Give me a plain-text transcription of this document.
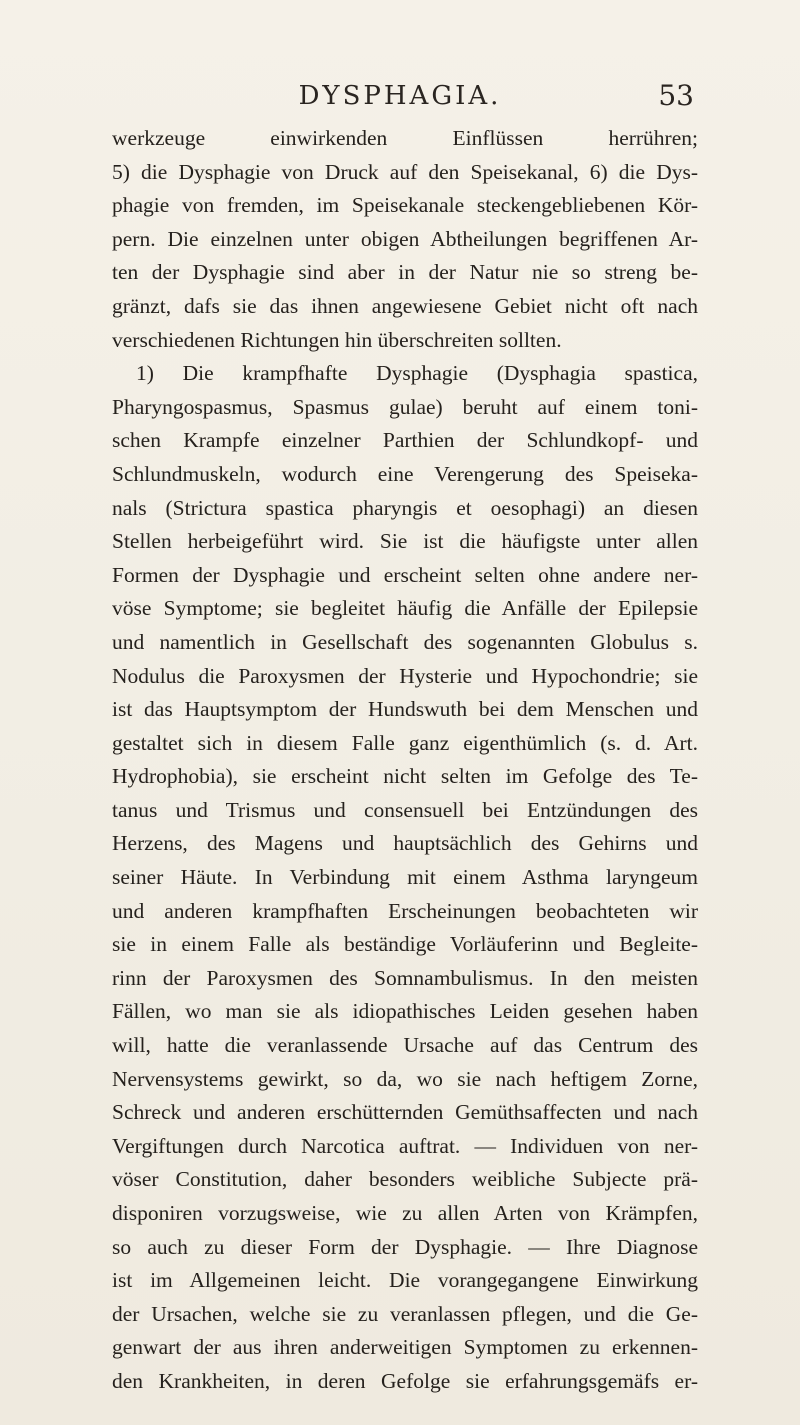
DYSPHAGIA.	53
werkzeuge einwirkenden Einflüssen herrühren;
5) die Dysphagie von Druck auf den Speisekanal, 6) die Dys-
phagie von fremden, im Speisekanale steckengebliebenen Kör-
pern. Die einzelnen unter obigen Abtheilungen begriffenen Ar-
ten der Dysphagie sind aber in der Natur nie so streng be-
gränzt, dafs sie das ihnen angewiesene Gebiet nicht oft nach
verschiedenen Richtungen hin überschreiten sollten.
1) Die krampfhafte Dysphagie (Dysphagia spastica,
Pharyngospasmus, Spasmus gulae) beruht auf einem toni-
schen Krampfe einzelner Parthien der Schlundkopf- und
Schlundmuskeln, wodurch eine Verengerung des Speiseka-
nals (Strictura spastica pharyngis et oesophagi) an diesen
Stellen herbeigeführt wird. Sie ist die häufigste unter allen
Formen der Dysphagie und erscheint selten ohne andere ner-
vöse Symptome; sie begleitet häufig die Anfälle der Epilepsie
und namentlich in Gesellschaft des sogenannten Globulus s.
Nodulus die Paroxysmen der Hysterie und Hypochondrie; sie
ist das Hauptsymptom der Hundswuth bei dem Menschen und
gestaltet sich in diesem Falle ganz eigenthümlich (s. d. Art.
Hydrophobia), sie erscheint nicht selten im Gefolge des Te-
tanus und Trismus und consensuell bei Entzündungen des
Herzens, des Magens und hauptsächlich des Gehirns und
seiner Häute. In Verbindung mit einem Asthma laryngeum
und anderen krampfhaften Erscheinungen beobachteten wir
sie in einem Falle als beständige Vorläuferinn und Begleite-
rinn der Paroxysmen des Somnambulismus. In den meisten
Fällen, wo man sie als idiopathisches Leiden gesehen haben
will, hatte die veranlassende Ursache auf das Centrum des
Nervensystems gewirkt, so da, wo sie nach heftigem Zorne,
Schreck und anderen erschütternden Gemüthsaffecten und nach
Vergiftungen durch Narcotica auftrat. — Individuen von ner-
vöser Constitution, daher besonders weibliche Subjecte prä-
disponiren vorzugsweise, wie zu allen Arten von Krämpfen,
so auch zu dieser Form der Dysphagie. — Ihre Diagnose
ist im Allgemeinen leicht. Die vorangegangene Einwirkung
der Ursachen, welche sie zu veranlassen pflegen, und die Ge-
genwart der aus ihren anderweitigen Symptomen zu erkennen-
den Krankheiten, in deren Gefolge sie erfahrungsgemäfs er-
